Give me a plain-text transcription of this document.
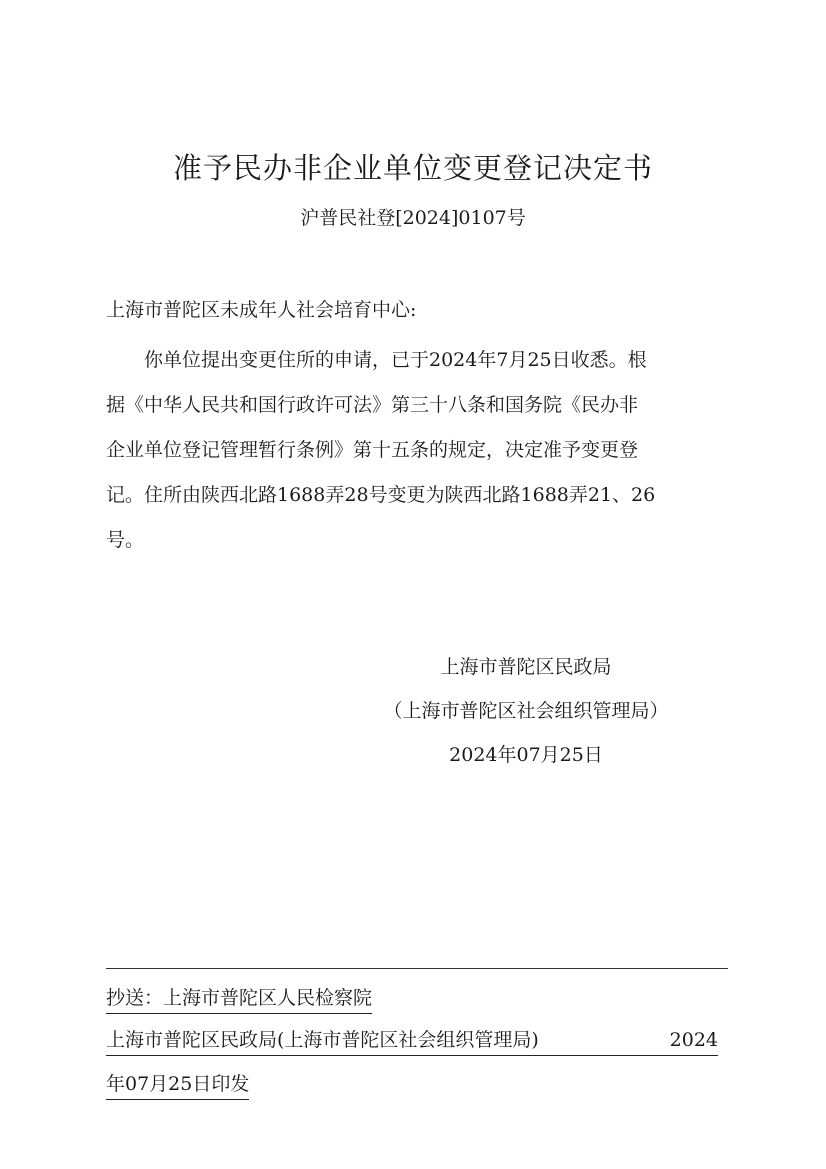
准予民办非企业单位变更登记决定书
沪普民社登[2024]0107号
上海市普陀区未成年人社会培育中心:
你单位提出变更住所的申请，已于2024年7月25日收悉。根
据《中华人民共和国行政许可法》第三十八条和国务院《民办非
企业单位登记管理暂行条例》第十五条的规定，决定准予变更登
记。住所由陕西北路1688弄28号变更为陕西北路1688弄21、26
号。
上海市普陀区民政局
（上海市普陀区社会组织管理局）
2024年07月25日
抄送：上海市普陀区人民检察院
上海市普陀区民政局(上海市普陀区社会组织管理局)	2024
年07月25日印发
